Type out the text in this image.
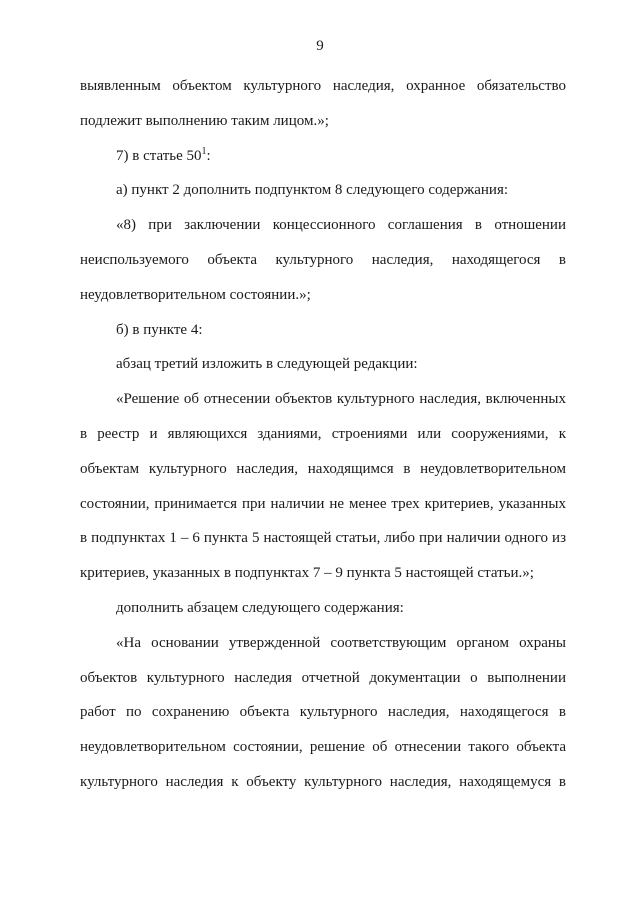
9
выявленным объектом культурного наследия, охранное обязательство
подлежит выполнению таким лицом.»;
7) в статье $50^1$:
а) пункт 2 дополнить подпунктом 8 следующего содержания:
«8) при заключении концессионного соглашения в отношении
неиспользуемого объекта культурного наследия, находящегося в
неудовлетворительном состоянии.»;
б) в пункте 4:
абзац третий изложить в следующей редакции:
«Решение об отнесении объектов культурного наследия, включенных
в реестр и являющихся зданиями, строениями или сооружениями, к
объектам культурного наследия, находящимся в неудовлетворительном
состоянии, принимается при наличии не менее трех критериев, указанных
в подпунктах 1 – 6 пункта 5 настоящей статьи, либо при наличии одного из
критериев, указанных в подпунктах 7 – 9 пункта 5 настоящей статьи.»;
дополнить абзацем следующего содержания:
«На основании утвержденной соответствующим органом охраны
объектов культурного наследия отчетной документации о выполнении
работ по сохранению объекта культурного наследия, находящегося в
неудовлетворительном состоянии, решение об отнесении такого объекта
культурного наследия к объекту культурного наследия, находящемуся в
